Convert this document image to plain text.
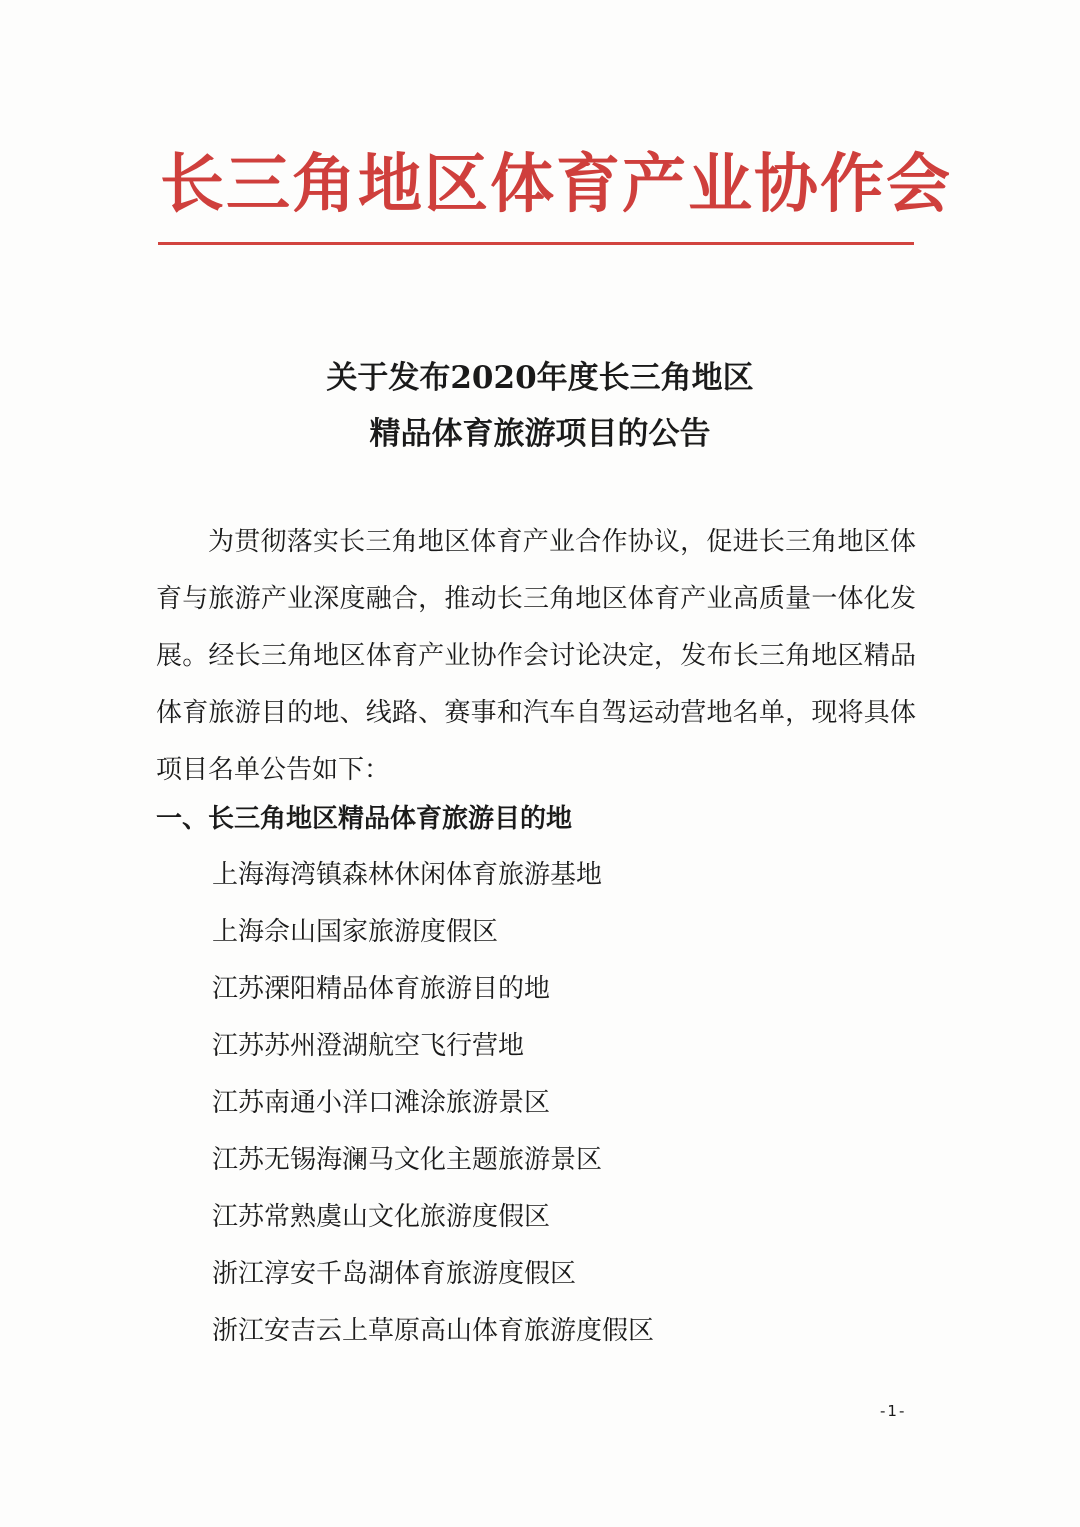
长三角地区体育产业协作会
关于发布2020年度长三角地区
精品体育旅游项目的公告
为贯彻落实长三角地区体育产业合作协议，促进长三角地区体育与旅游产业深度融合，推动长三角地区体育产业高质量一体化发展。经长三角地区体育产业协作会讨论决定，发布长三角地区精品体育旅游目的地、线路、赛事和汽车自驾运动营地名单，现将具体项目名单公告如下：
一、长三角地区精品体育旅游目的地
上海海湾镇森林休闲体育旅游基地
上海佘山国家旅游度假区
江苏溧阳精品体育旅游目的地
江苏苏州澄湖航空飞行营地
江苏南通小洋口滩涂旅游景区
江苏无锡海澜马文化主题旅游景区
江苏常熟虞山文化旅游度假区
浙江淳安千岛湖体育旅游度假区
浙江安吉云上草原高山体育旅游度假区
-1-
